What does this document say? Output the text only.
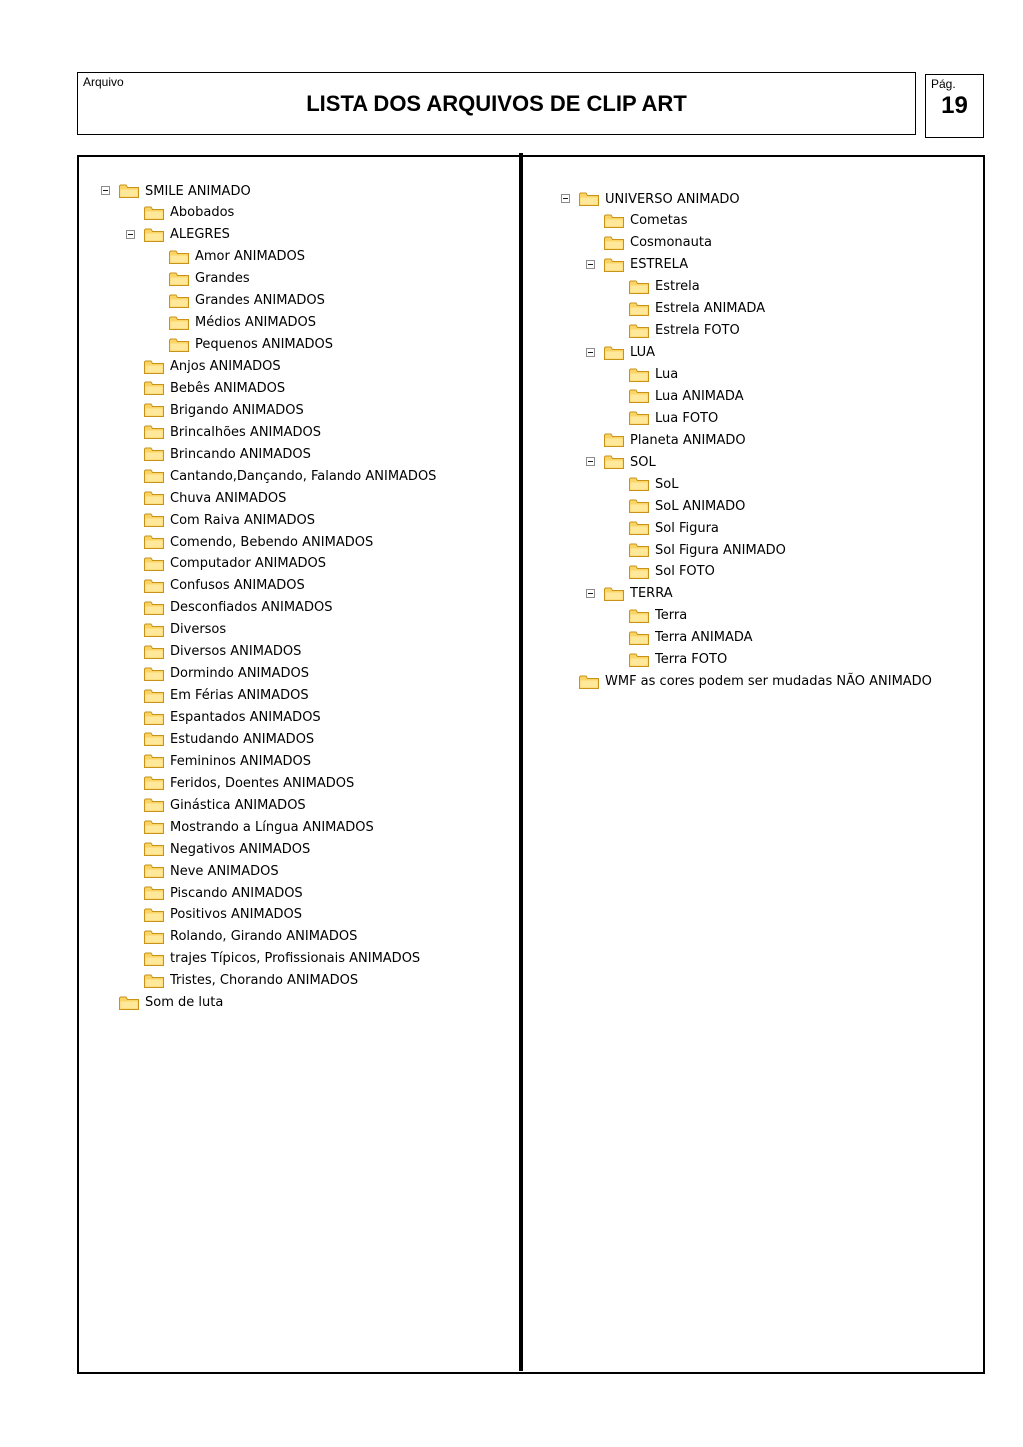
Arquivo
LISTA DOS ARQUIVOS DE CLIP ART
Pág.
19
SMILE ANIMADO
Abobados
ALEGRES
Amor ANIMADOS
Grandes
Grandes ANIMADOS
Médios ANIMADOS
Pequenos ANIMADOS
Anjos ANIMADOS
Bebês ANIMADOS
Brigando ANIMADOS
Brincalhões ANIMADOS
Brincando ANIMADOS
Cantando,Dançando, Falando ANIMADOS
Chuva ANIMADOS
Com Raiva ANIMADOS
Comendo, Bebendo ANIMADOS
Computador ANIMADOS
Confusos ANIMADOS
Desconfiados ANIMADOS
Diversos
Diversos ANIMADOS
Dormindo ANIMADOS
Em Férias ANIMADOS
Espantados ANIMADOS
Estudando ANIMADOS
Femininos ANIMADOS
Feridos, Doentes ANIMADOS
Ginástica ANIMADOS
Mostrando a Língua ANIMADOS
Negativos ANIMADOS
Neve ANIMADOS
Piscando ANIMADOS
Positivos ANIMADOS
Rolando, Girando ANIMADOS
trajes Típicos, Profissionais ANIMADOS
Tristes, Chorando ANIMADOS
Som de luta
UNIVERSO ANIMADO
Cometas
Cosmonauta
ESTRELA
Estrela
Estrela ANIMADA
Estrela FOTO
LUA
Lua
Lua ANIMADA
Lua FOTO
Planeta ANIMADO
SOL
SoL
SoL ANIMADO
Sol Figura
Sol Figura ANIMADO
Sol FOTO
TERRA
Terra
Terra ANIMADA
Terra FOTO
WMF as cores podem ser mudadas NÃO ANIMADO
